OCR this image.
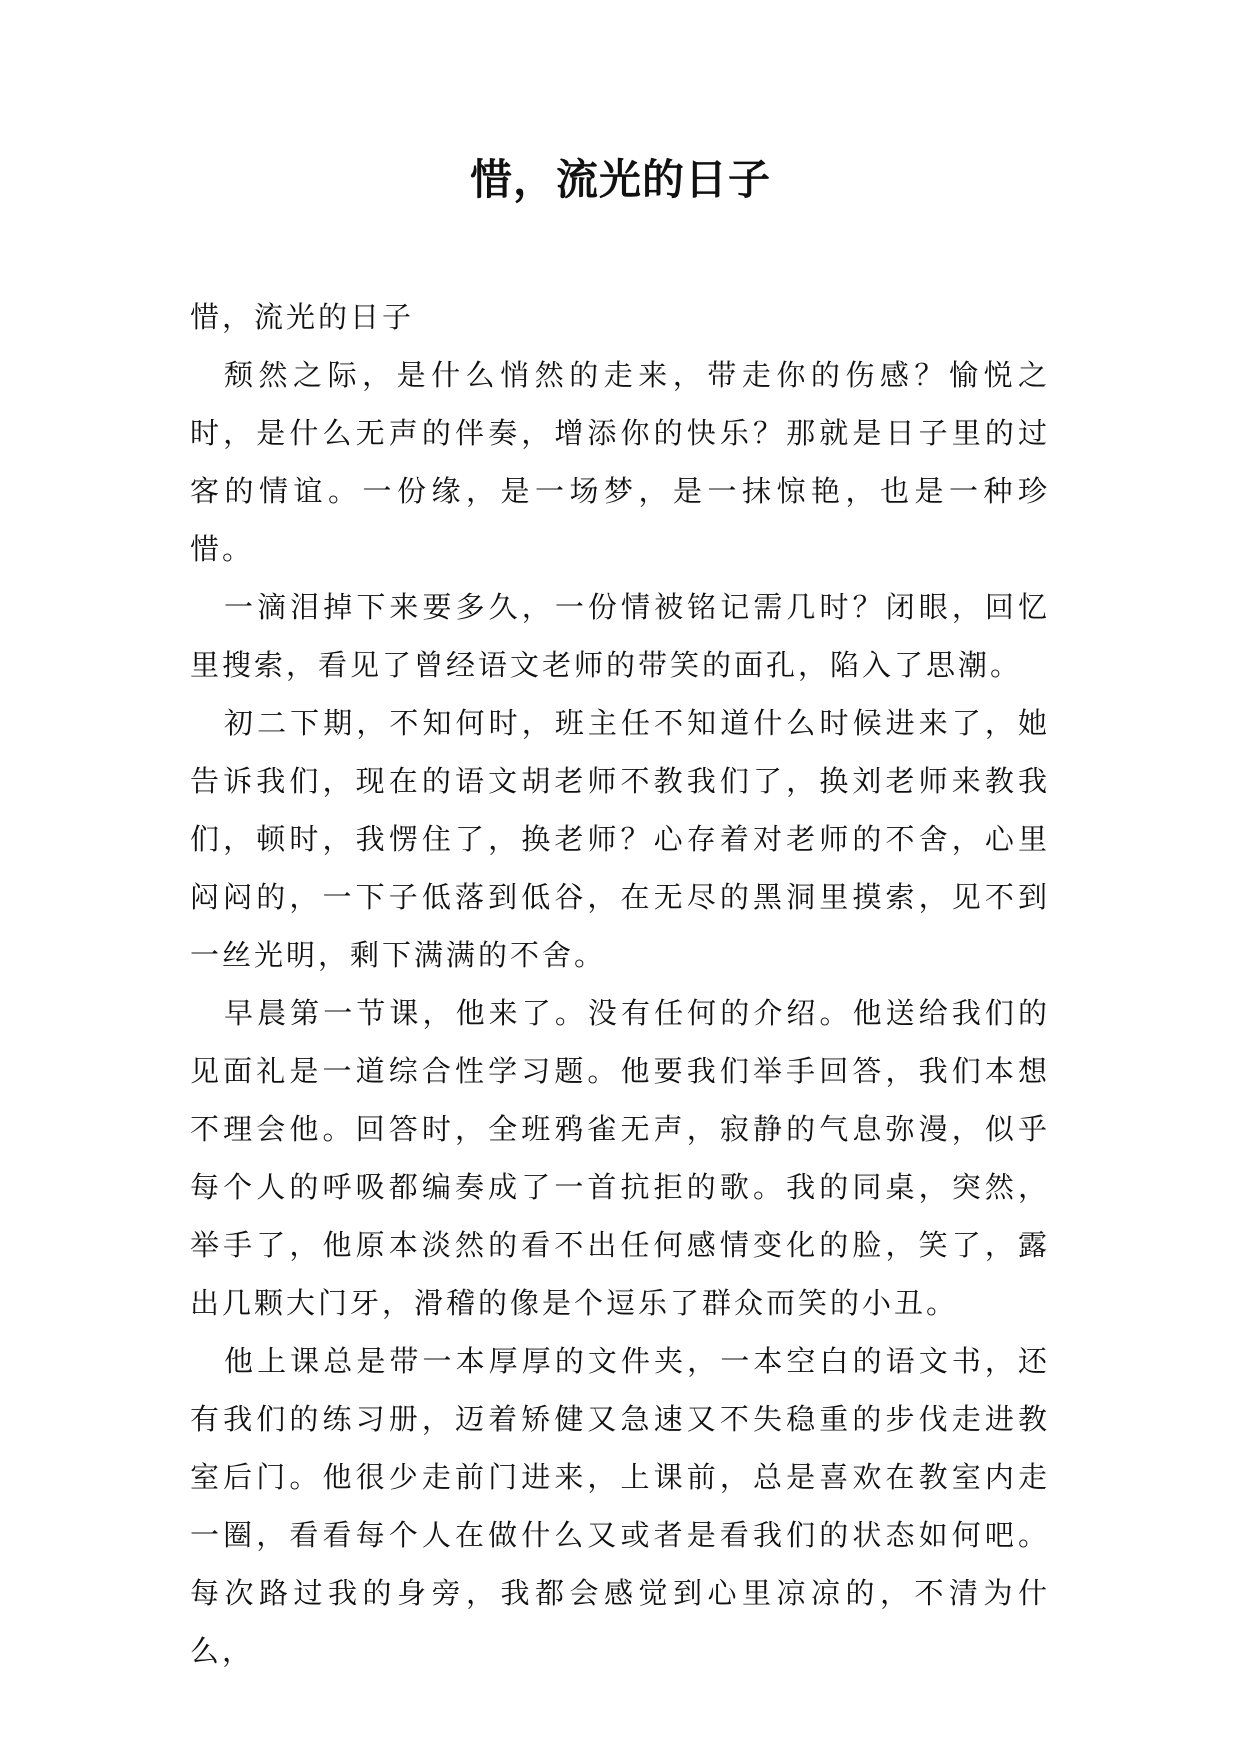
惜，流光的日子

惜，流光的日子

颓然之际，是什么悄然的走来，带走你的伤感？愉悦之时，是什么无声的伴奏，增添你的快乐？那就是日子里的过客的情谊。一份缘，是一场梦，是一抹惊艳，也是一种珍惜。

一滴泪掉下来要多久，一份情被铭记需几时？闭眼，回忆里搜索，看见了曾经语文老师的带笑的面孔，陷入了思潮。

初二下期，不知何时，班主任不知道什么时候进来了，她告诉我们，现在的语文胡老师不教我们了，换刘老师来教我们，顿时，我愣住了，换老师？心存着对老师的不舍，心里闷闷的，一下子低落到低谷，在无尽的黑洞里摸索，见不到一丝光明，剩下满满的不舍。

早晨第一节课，他来了。没有任何的介绍。他送给我们的见面礼是一道综合性学习题。他要我们举手回答，我们本想不理会他。回答时，全班鸦雀无声，寂静的气息弥漫，似乎每个人的呼吸都编奏成了一首抗拒的歌。我的同桌，突然，举手了，他原本淡然的看不出任何感情变化的脸，笑了，露出几颗大门牙，滑稽的像是个逗乐了群众而笑的小丑。

他上课总是带一本厚厚的文件夹，一本空白的语文书，还有我们的练习册，迈着矫健又急速又不失稳重的步伐走进教室后门。他很少走前门进来，上课前，总是喜欢在教室内走一圈，看看每个人在做什么又或者是看我们的状态如何吧。每次路过我的身旁，我都会感觉到心里凉凉的，不清为什么，
